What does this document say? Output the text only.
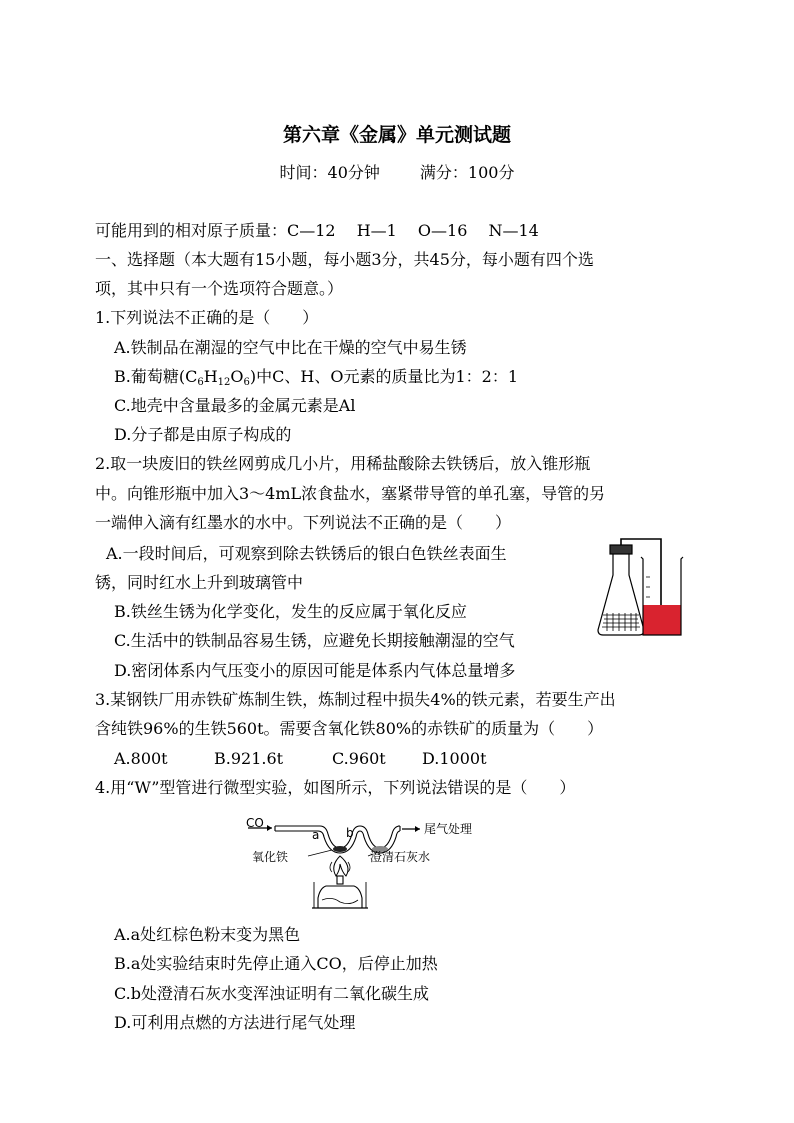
第六章《金属》单元测试题
时间：40分钟	满分：100分
可能用到的相对原子质量：C—12　 H—1　 O—16　 N—14
一、选择题（本大题有15小题，每小题3分，共45分，每小题有四个选
项，其中只有一个选项符合题意。）
1.下列说法不正确的是（　　）
A.铁制品在潮湿的空气中比在干燥的空气中易生锈
B.葡萄糖$(C_6H_{12}O_6)$中C、H、O元素的质量比为1：2：1
C.地壳中含量最多的金属元素是Al
D.分子都是由原子构成的
2.取一块废旧的铁丝网剪成几小片，用稀盐酸除去铁锈后，放入锥形瓶
中。向锥形瓶中加入3～4mL浓食盐水，塞紧带导管的单孔塞，导管的另
一端伸入滴有红墨水的水中。下列说法不正确的是（　　）
A.一段时间后，可观察到除去铁锈后的银白色铁丝表面生
锈，同时红水上升到玻璃管中
B.铁丝生锈为化学变化，发生的反应属于氧化反应
C.生活中的铁制品容易生锈，应避免长期接触潮湿的空气
D.密闭体系内气压变小的原因可能是体系内气体总量增多
3.某钢铁厂用赤铁矿炼制生铁，炼制过程中损失4%的铁元素，若要生产出
含纯铁96%的生铁560t。需要含氧化铁80%的赤铁矿的质量为（　　）
A.800t	B.921.6t	C.960t D.1000t
4.用“W”型管进行微型实验，如图所示，下列说法错误的是（　　）
CO
a b	尾气处理
氧化铁	澄清石灰水
A.a处红棕色粉末变为黑色
B.a处实验结束时先停止通入CO，后停止加热
C.b处澄清石灰水变浑浊证明有二氧化碳生成
D.可利用点燃的方法进行尾气处理
